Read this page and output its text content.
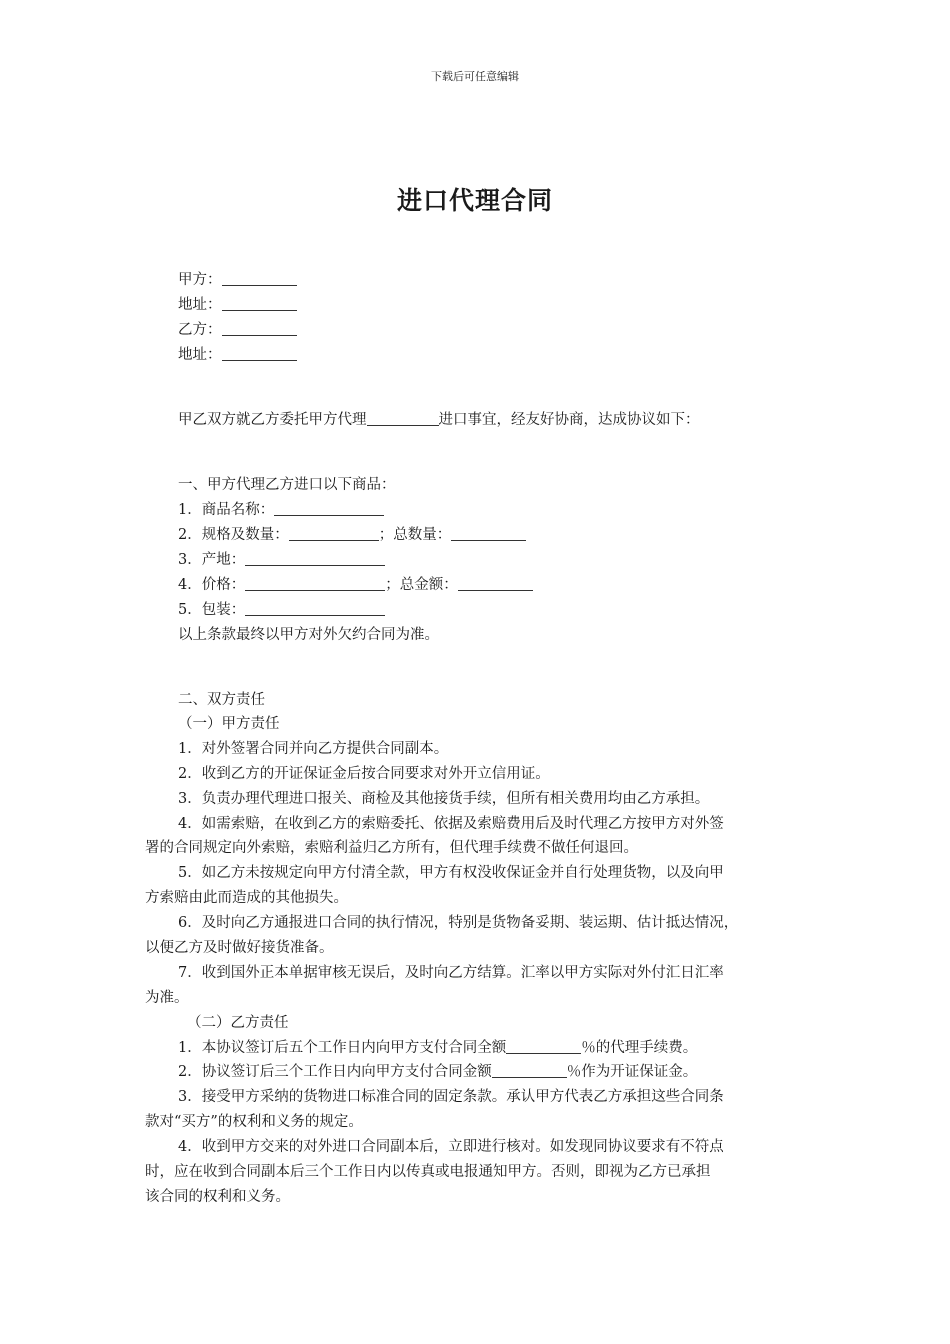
下载后可任意编辑
进口代理合同
甲方：
地址：
乙方：
地址：
甲乙双方就乙方委托甲方代理	进口事宜，经友好协商，达成协议如下：
一、甲方代理乙方进口以下商品：
1．商品名称：
2．规格及数量：	；总数量：
3．产地：
4．价格：	；总金额：
5．包装：
以上条款最终以甲方对外欠约合同为准。
二、双方责任
（一）甲方责任
1．对外签署合同并向乙方提供合同副本。
2．收到乙方的开证保证金后按合同要求对外开立信用证。
3．负责办理代理进口报关、商检及其他接货手续，但所有相关费用均由乙方承担。
4．如需索赔，在收到乙方的索赔委托、依据及索赔费用后及时代理乙方按甲方对外签
署的合同规定向外索赔，索赔利益归乙方所有，但代理手续费不做任何退回。
5．如乙方未按规定向甲方付清全款，甲方有权没收保证金并自行处理货物，以及向甲
方索赔由此而造成的其他损失。
6．及时向乙方通报进口合同的执行情况，特别是货物备妥期、装运期、估计抵达情况，
以便乙方及时做好接货准备。
7．收到国外正本单据审核无误后，及时向乙方结算。汇率以甲方实际对外付汇日汇率
为准。
（二）乙方责任
1．本协议签订后五个工作日内向甲方支付合同全额	％的代理手续费。
2．协议签订后三个工作日内向甲方支付合同金额	％作为开证保证金。
3．接受甲方采纳的货物进口标准合同的固定条款。承认甲方代表乙方承担这些合同条
款对“买方”的权利和义务的规定。
4．收到甲方交来的对外进口合同副本后，立即进行核对。如发现同协议要求有不符点
时，应在收到合同副本后三个工作日内以传真或电报通知甲方。否则，即视为乙方已承担
该合同的权利和义务。
